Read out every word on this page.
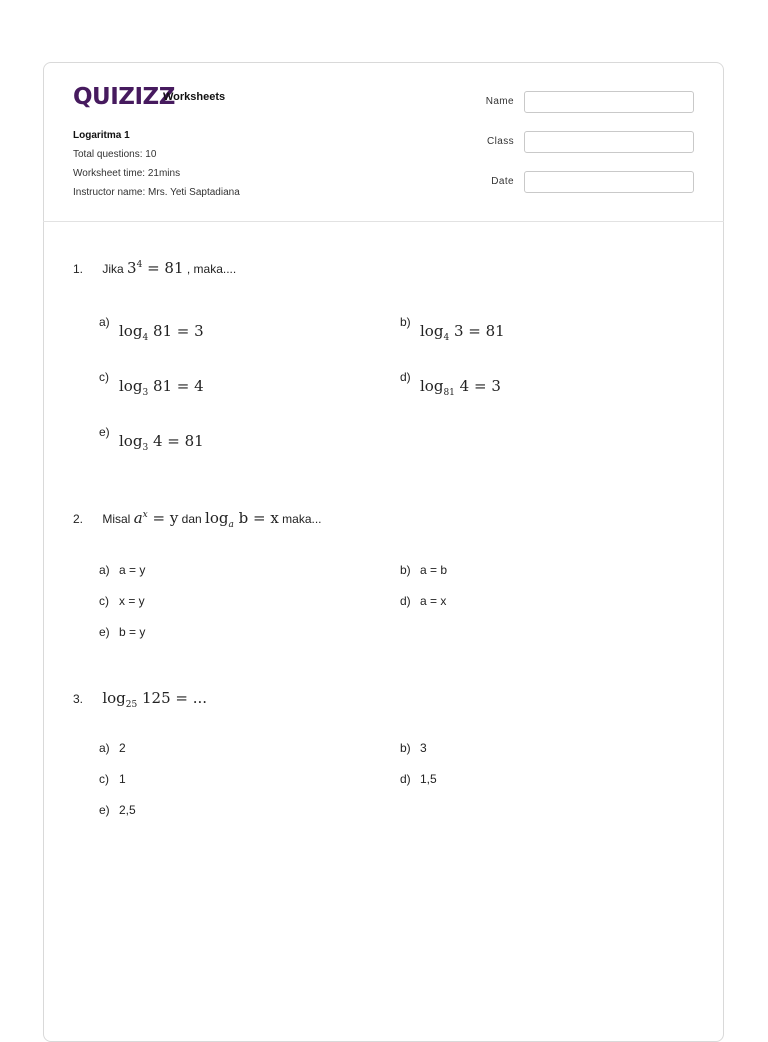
QUIZIZZ
Worksheets
Logaritma 1
Total questions: 10
Worksheet time: 21mins
Instructor name: Mrs. Yeti Saptadiana
Name
Class
Date
1. Jika $3^4 = 81$ , maka....
a) $\log_4 81 = 3$	b) $\log_4 3 = 81$
c) $\log_3 81 = 4$	d) $\log_{81} 4 = 3$
e) $\log_3 4 = 81$
2. Misal $a^x = y$ dan $\log_a b = x$ maka...
a) a = y	b) a = b
c) x = y	d) a = x
e) b = y
3. $\log_{25} 125$ = ...
a) 2	b) 3
c) 1	d) 1,5
e) 2,5
